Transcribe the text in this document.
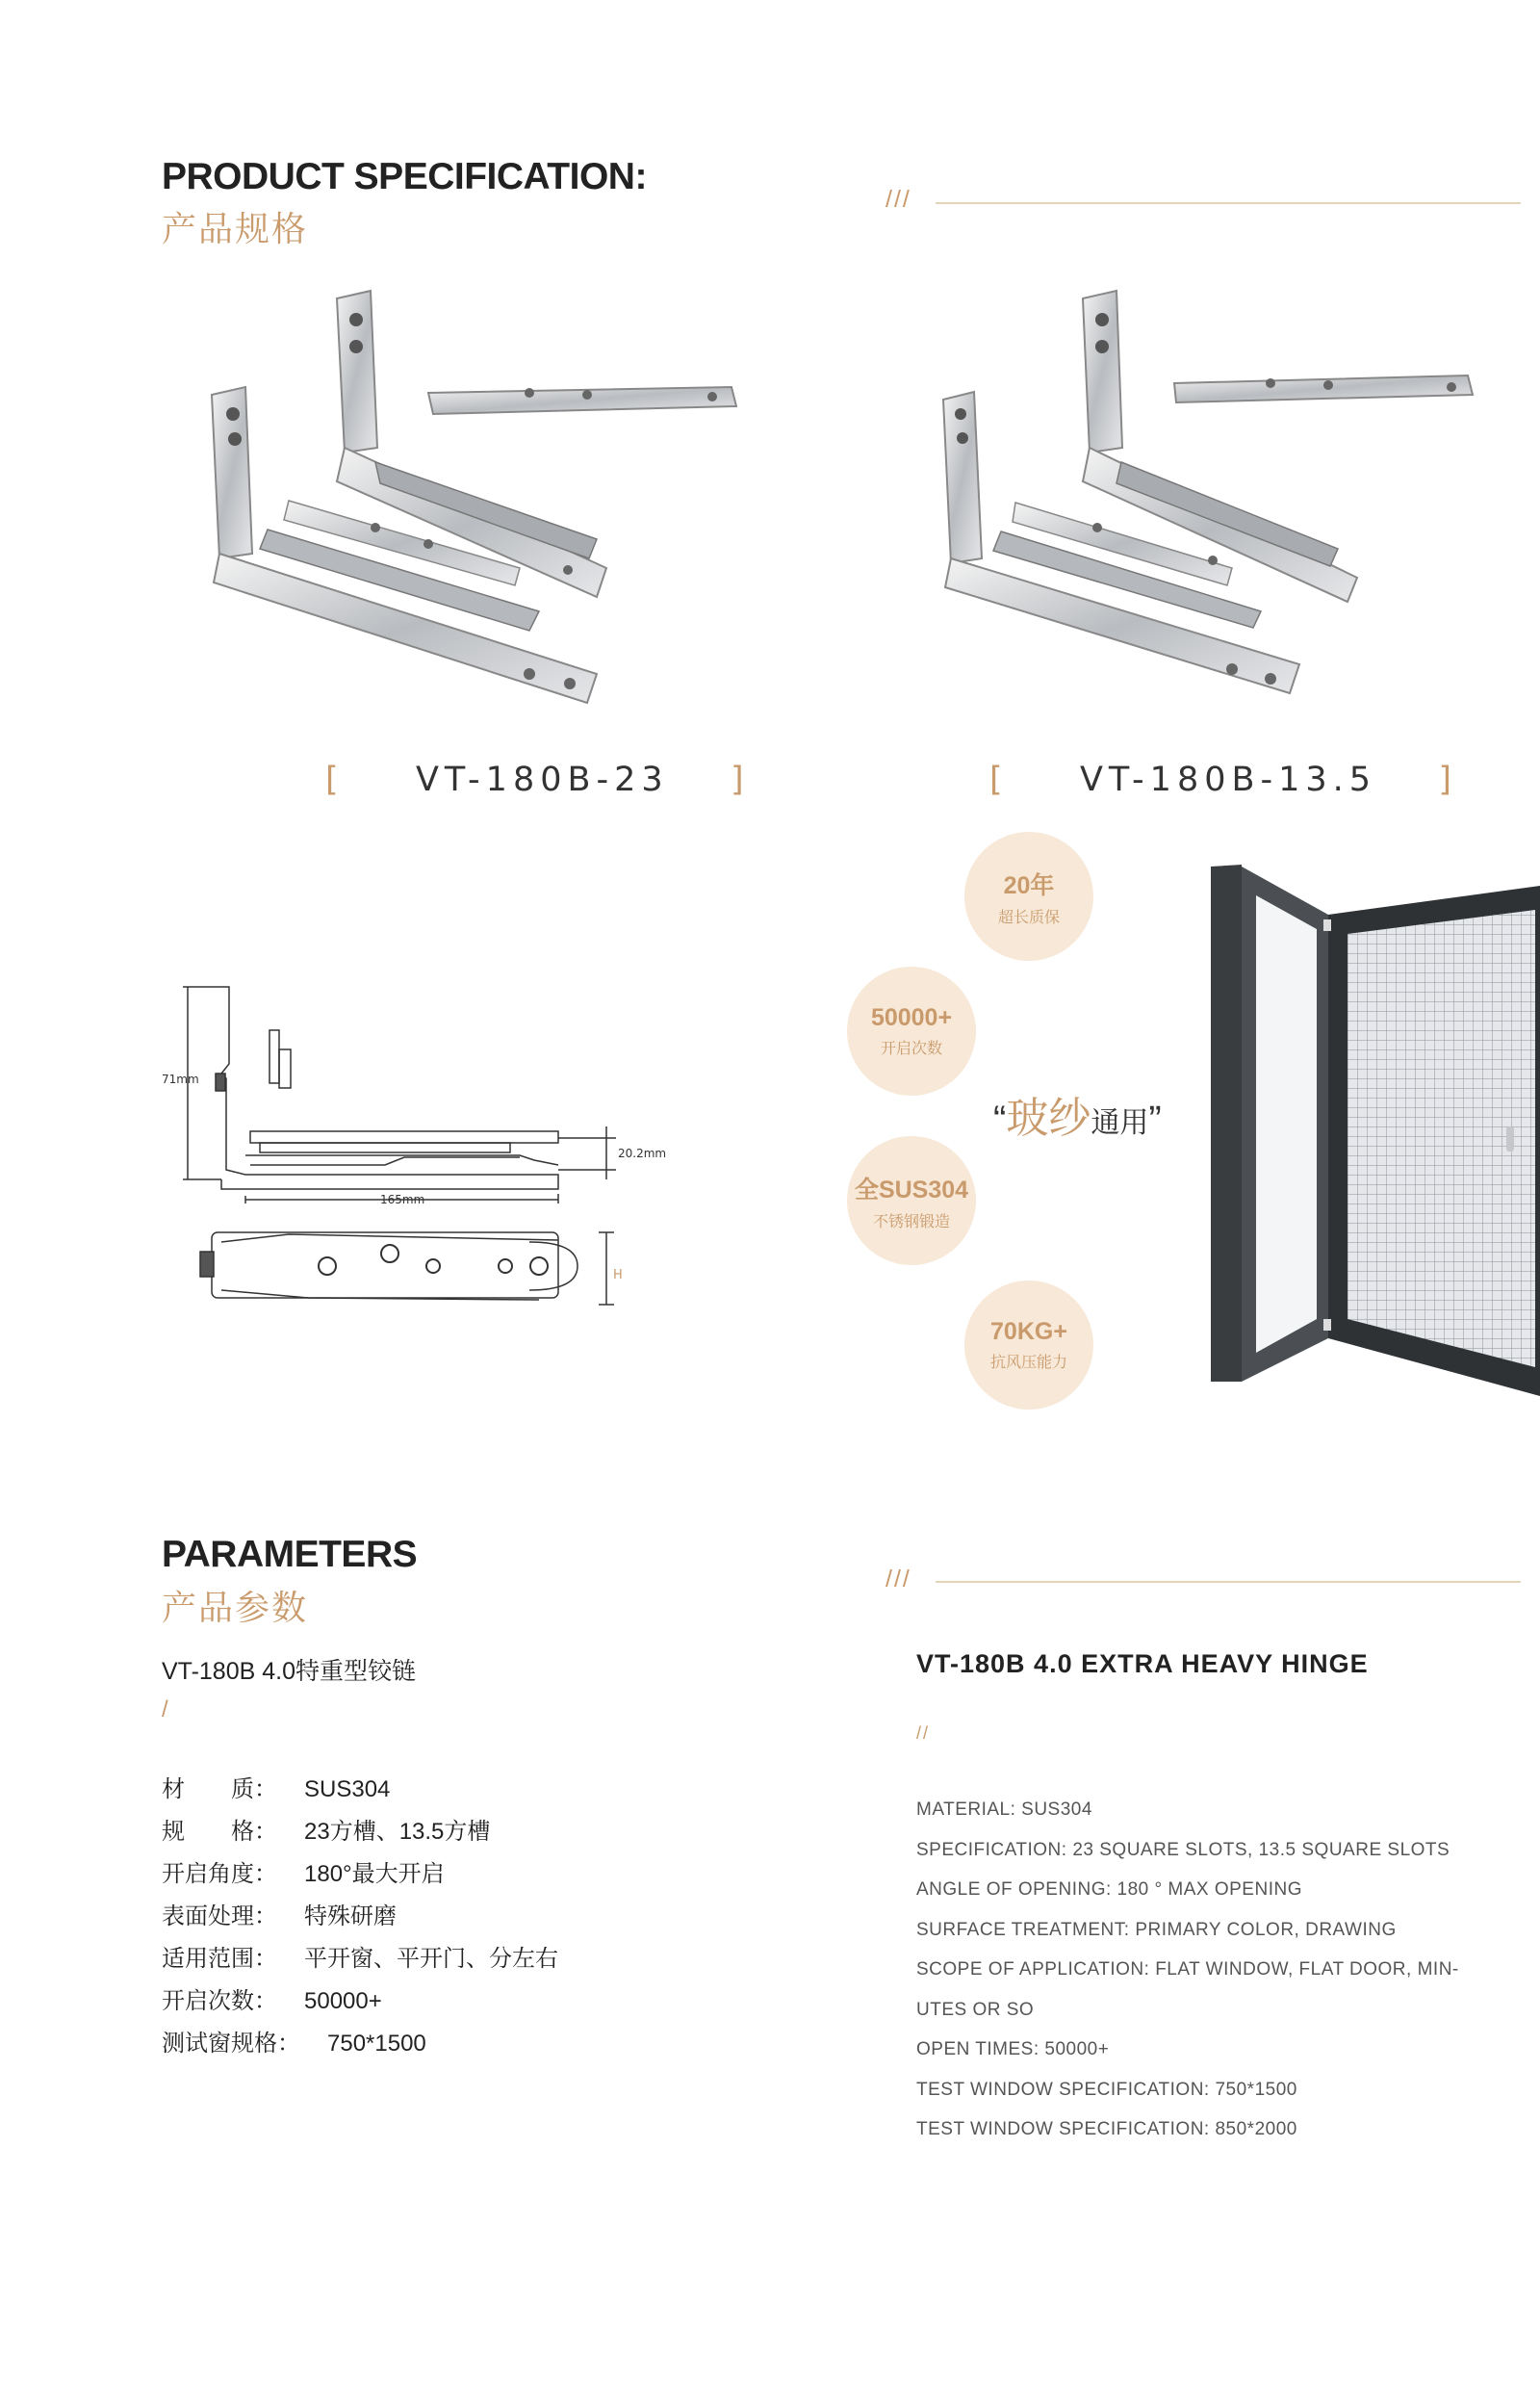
PRODUCT SPECIFICATION:
产品规格
///
[ VT-180B-23 ]	[ VT-180B-13.5 ]
71mm
20.2mm
165mm
H
20年
超长质保
50000+
开启次数
全SUS304
不锈钢锻造
70KG+
抗风压能力
“玻纱通用”
PARAMETERS
产品参数
///
VT-180B 4.0特重型铰链
/
材　　质： SUS304
规　　格： 23方槽、13.5方槽
开启角度： 180°最大开启
表面处理： 特殊研磨
适用范围： 平开窗、平开门、分左右
开启次数： 50000+
测试窗规格： 750*1500
VT-180B 4.0 EXTRA HEAVY HINGE
//
MATERIAL: SUS304
SPECIFICATION: 23 SQUARE SLOTS, 13.5 SQUARE SLOTS
ANGLE OF OPENING: 180 ° MAX OPENING
SURFACE TREATMENT: PRIMARY COLOR, DRAWING
SCOPE OF APPLICATION: FLAT WINDOW, FLAT DOOR, MIN-
UTES OR SO
OPEN TIMES: 50000+
TEST WINDOW SPECIFICATION: 750*1500
TEST WINDOW SPECIFICATION: 850*2000
